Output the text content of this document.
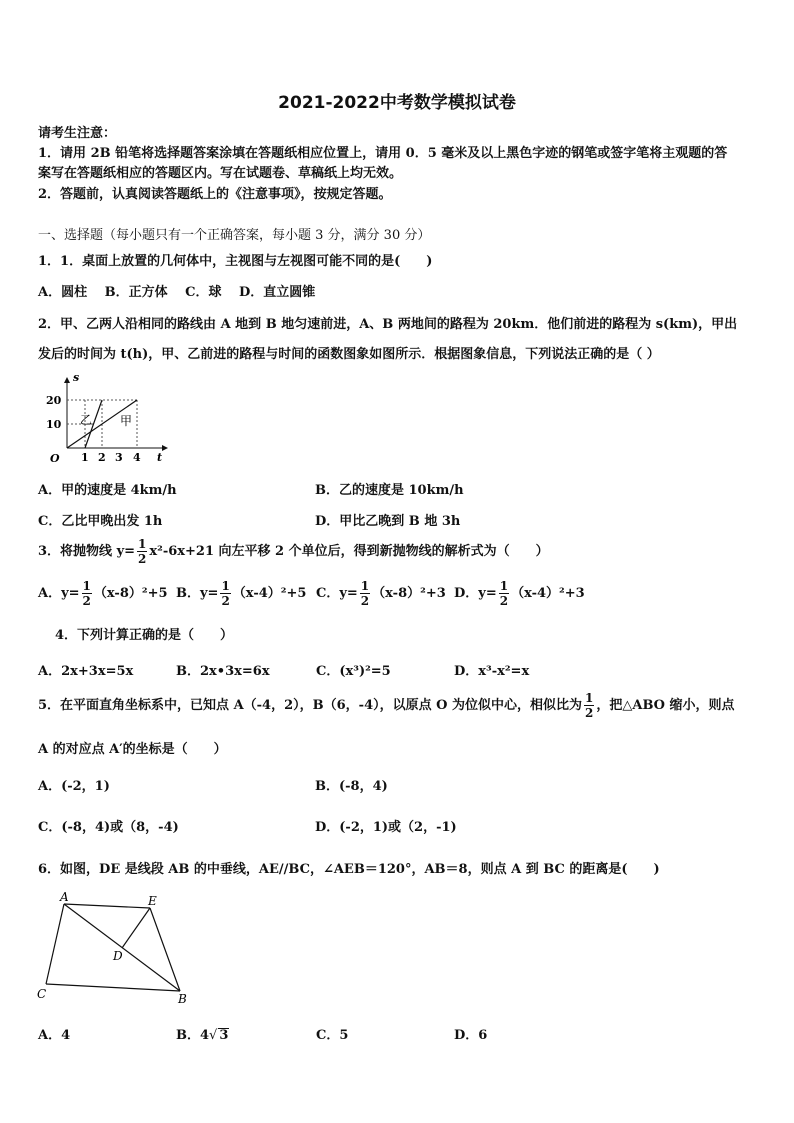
2021-2022中考数学模拟试卷
请考生注意：
1．请用 2B 铅笔将选择题答案涂填在答题纸相应位置上，请用 0．5 毫米及以上黑色字迹的钢笔或签字笔将主观题的答
案写在答题纸相应的答题区内。写在试题卷、草稿纸上均无效。
2．答题前，认真阅读答题纸上的《注意事项》，按规定答题。
一、选择题（每小题只有一个正确答案，每小题 3 分，满分 30 分）
1．1．桌面上放置的几何体中，主视图与左视图可能不同的是(　　)
A．圆柱　 B．正方体　 C．球　 D．直立圆锥
2．甲、乙两人沿相同的路线由 A 地到 B 地匀速前进，A、B 两地间的路程为 20km．他们前进的路程为 s(km)，甲出
发后的时间为 t(h)，甲、乙前进的路程与时间的函数图象如图所示．根据图象信息，下列说法正确的是（ ）
s
t
O
20
10
1 2 3 4
乙 甲
A．甲的速度是 4km/h	B．乙的速度是 10km/h
C．乙比甲晚出发 1h	D．甲比乙晚到 B 地 3h
3．将抛物线 $y= \frac{1}{2} x^2-6x+21$ 向左平移 2 个单位后，得到新抛物线的解析式为（　　）
A．$y= \frac{1}{2} (x-8)^2+5$ B．$y= \frac{1}{2} (x-4)^2+5$ C．$y= \frac{1}{2} (x-8)^2+3$ D．$y= \frac{1}{2} (x-4)^2+3$
4．下列计算正确的是（　　）
A．2x+3x=5x	B．2x•3x=6x	C．(x³)²=5	D．x³-x²=x
5．在平面直角坐标系中，已知点 A（-4，2），B（6，-4），以原点 O 为位似中心，相似比为 $\frac{1}{2}$ ，把△ABO 缩小，则点
A 的对应点 A′的坐标是（　　）
A．(-2，1)	B．(-8，4)
C．(-8，4)或（8，-4)	D．(-2，1)或（2，-1)
6．如图，DE 是线段 AB 的中垂线，AE//BC，∠AEB＝120°，AB＝8，则点 A 到 BC 的距离是(　　)
A	E
D
C	B
A．4	B．4√ 3	C．5	D．6
